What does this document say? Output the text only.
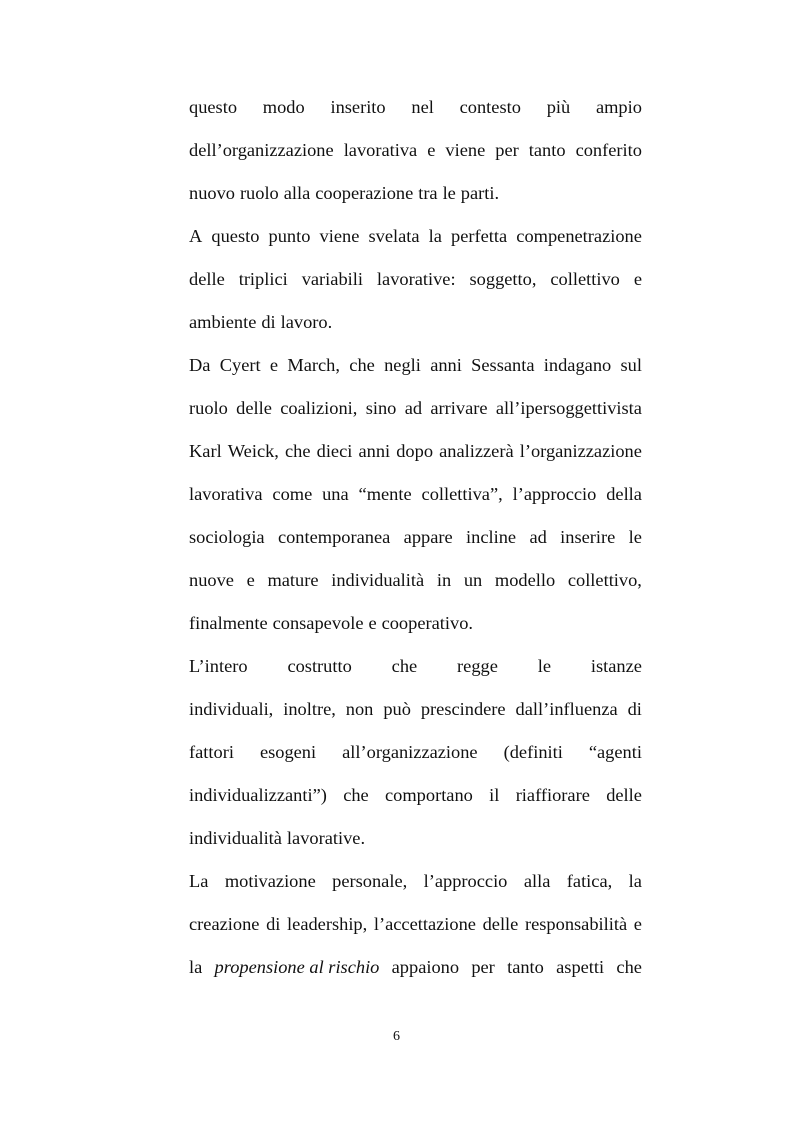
questo modo inserito nel contesto più ampio
dell’organizzazione lavorativa e viene per tanto conferito
nuovo ruolo alla cooperazione tra le parti.
A questo punto viene svelata la perfetta compenetrazione
delle triplici variabili lavorative: soggetto, collettivo e
ambiente di lavoro.
Da Cyert e March, che negli anni Sessanta indagano sul
ruolo delle coalizioni, sino ad arrivare all’ipersoggettivista
Karl Weick, che dieci anni dopo analizzerà l’organizzazione
lavorativa come una “mente collettiva”, l’approccio della
sociologia contemporanea appare incline ad inserire le
nuove e mature individualità in un modello collettivo,
finalmente consapevole e cooperativo.
L’intero costrutto che regge le istanze
individuali, inoltre, non può prescindere dall’influenza di
fattori esogeni all’organizzazione (definiti “agenti
individualizzanti”) che comportano il riaffiorare delle
individualità lavorative.
La motivazione personale, l’approccio alla fatica, la
creazione di leadership, l’accettazione delle responsabilità e
la propensione al rischio appaiono per tanto aspetti che
6
